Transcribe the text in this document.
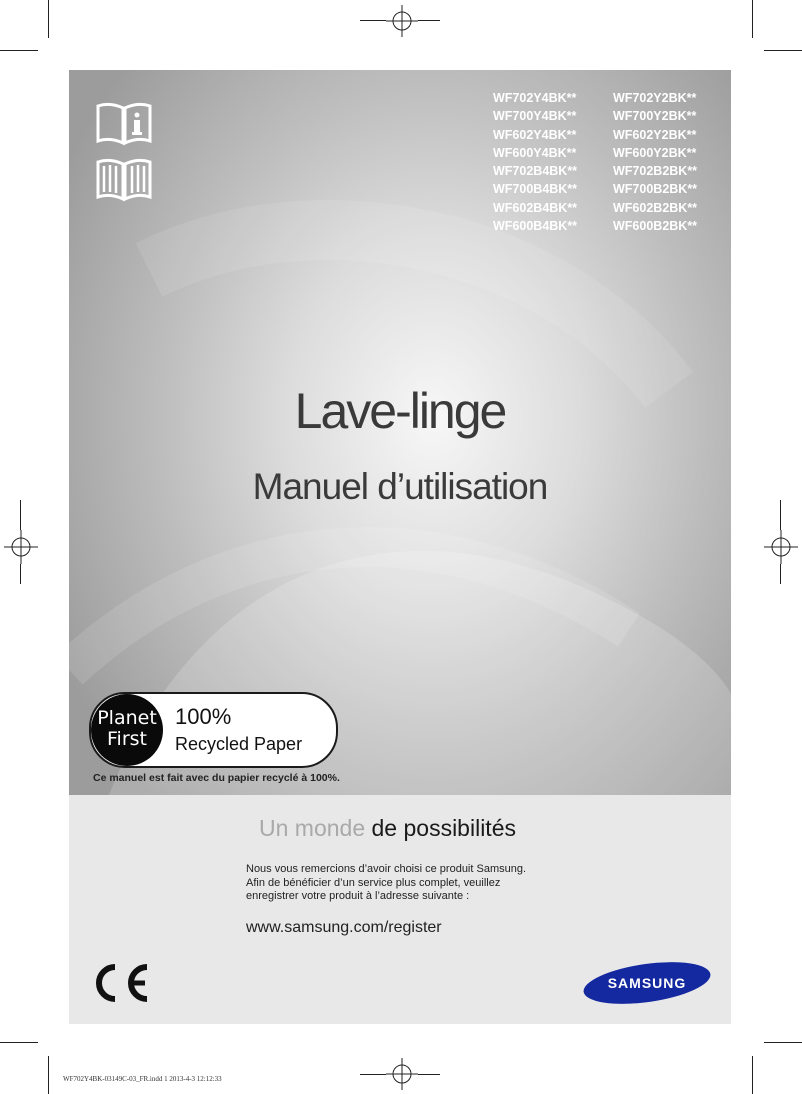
WF702Y4BK**	WF702Y2BK**
WF700Y4BK**	WF700Y2BK**
WF602Y4BK**	WF602Y2BK**
WF600Y4BK**	WF600Y2BK**
WF702B4BK**	WF702B2BK**
WF700B4BK**	WF700B2BK**
WF602B4BK**	WF602B2BK**
WF600B4BK**	WF600B2BK**
Lave-linge
Manuel d’utilisation
Planet
First
100%
Recycled Paper
Ce manuel est fait avec du papier recyclé à 100%.
Un monde de possibilités
Nous vous remercions d’avoir choisi ce produit Samsung.
Afin de bénéficier d’un service plus complet, veuillez
enregistrer votre produit à l’adresse suivante :
www.samsung.com/register
SAMSUNG
WF702Y4BK-03149C-03_FR.indd 1 2013-4-3 12:12:33
